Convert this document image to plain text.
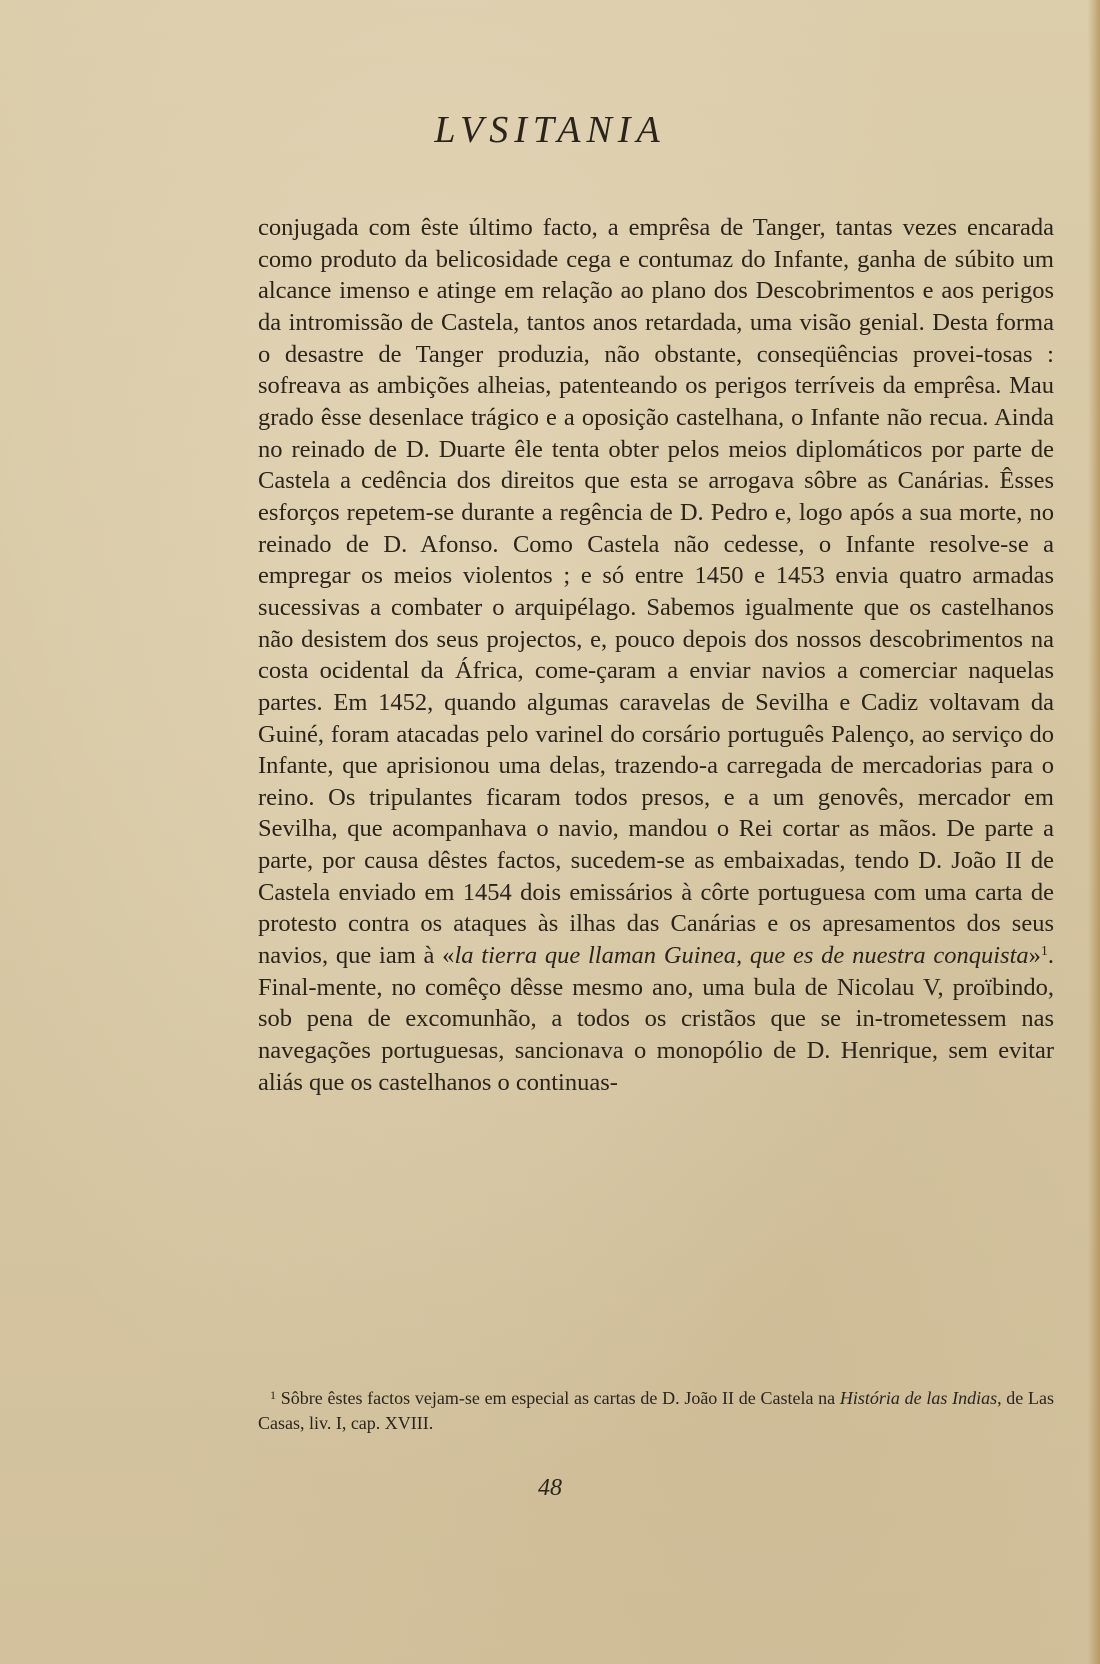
LVSITANIA

conjugada com êste último facto, a emprêsa de Tanger, tantas vezes encarada como produto da belicosidade cega e contumaz do Infante, ganha de súbito um alcance imenso e atinge em relação ao plano dos Descobrimentos e aos perigos da intromissão de Castela, tantos anos retardada, uma visão genial. Desta forma o desastre de Tanger produzia, não obstante, conseqüências provei-tosas : sofreava as ambições alheias, patenteando os perigos terríveis da emprêsa. Mau grado êsse desenlace trágico e a oposição castelhana, o Infante não recua. Ainda no reinado de D. Duarte êle tenta obter pelos meios diplomáticos por parte de Castela a cedência dos direitos que esta se arrogava sôbre as Canárias. Êsses esforços repetem-se durante a regência de D. Pedro e, logo após a sua morte, no reinado de D. Afonso. Como Castela não cedesse, o Infante resolve-se a empregar os meios violentos ; e só entre 1450 e 1453 envia quatro armadas sucessivas a combater o arquipélago. Sabemos igualmente que os castelhanos não desistem dos seus projectos, e, pouco depois dos nossos descobrimentos na costa ocidental da África, come-çaram a enviar navios a comerciar naquelas partes. Em 1452, quando algumas caravelas de Sevilha e Cadiz voltavam da Guiné, foram atacadas pelo varinel do corsário português Palenço, ao serviço do Infante, que aprisionou uma delas, trazendo-a carregada de mercadorias para o reino. Os tripulantes ficaram todos presos, e a um genovês, mercador em Sevilha, que acompanhava o navio, mandou o Rei cortar as mãos. De parte a parte, por causa dêstes factos, sucedem-se as embaixadas, tendo D. João II de Castela enviado em 1454 dois emissários à côrte portuguesa com uma carta de protesto contra os ataques às ilhas das Canárias e os apresamentos dos seus navios, que iam à «la tierra que llaman Guinea, que es de nuestra conquista»$^1$. Final-mente, no comêço dêsse mesmo ano, uma bula de Nicolau V, proïbindo, sob pena de excomunhão, a todos os cristãos que se in-trometessem nas navegações portuguesas, sancionava o monopólio de D. Henrique, sem evitar aliás que os castelhanos o continuas-

$^1$ Sôbre êstes factos vejam-se em especial as cartas de D. João II de Castela na História de las Indias, de Las Casas, liv. I, cap. XVIII.

48
